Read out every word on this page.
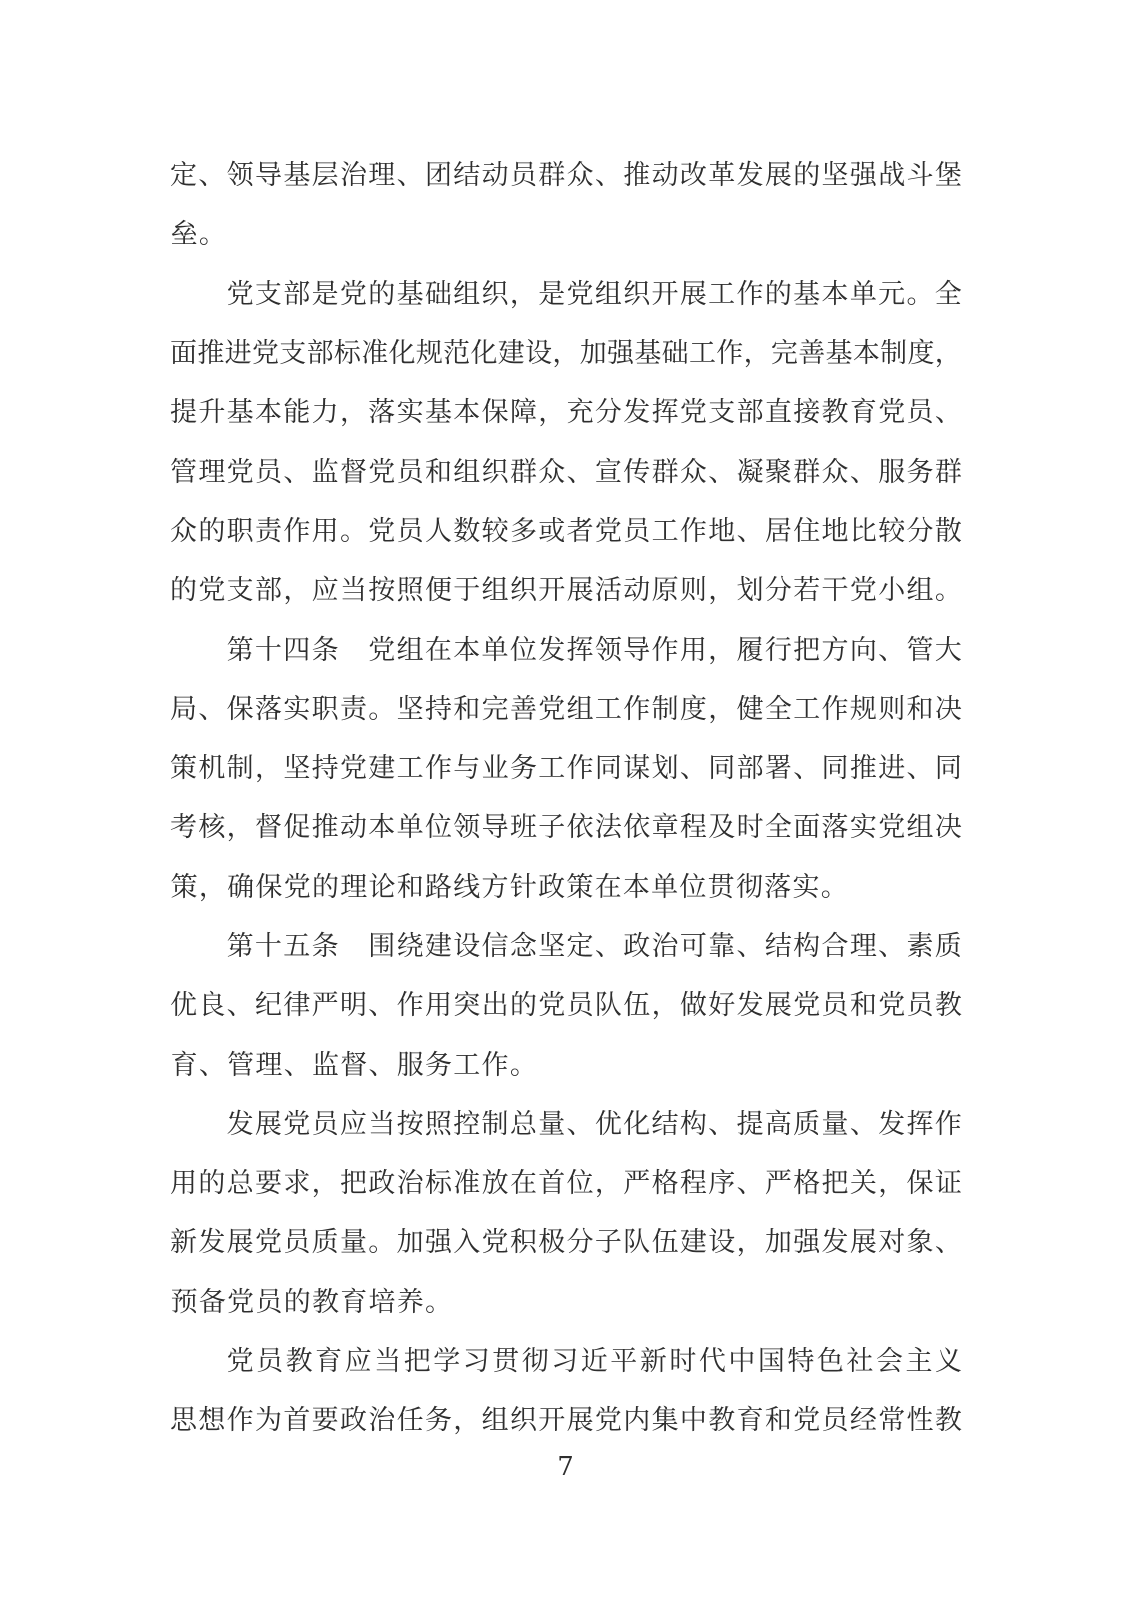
定 、 领 导 基 层 治 理 、 团 结 动 员 群 众 、 推 动 改 革 发 展 的 坚 强 战 斗 堡
垒 。
党 支 部 是 党 的 基 础 组 织 ， 是 党 组 织 开 展 工 作 的 基 本 单 元 。 全
面 推 进 党 支 部 标 准 化 规 范 化 建 设 ， 加 强 基 础 工 作 ， 完 善 基 本 制 度 ，
提 升 基 本 能 力 ， 落 实 基 本 保 障 ， 充 分 发 挥 党 支 部 直 接 教 育 党 员 、
管 理 党 员 、 监 督 党 员 和 组 织 群 众 、 宣 传 群 众 、 凝 聚 群 众 、 服 务 群
众 的 职 责 作 用 。 党 员 人 数 较 多 或 者 党 员 工 作 地 、 居 住 地 比 较 分 散
的 党 支 部 ， 应 当 按 照 便 于 组 织 开 展 活 动 原 则 ， 划 分 若 干 党 小 组 。
第 十 四 条
　 党 组 在 本 单 位 发 挥 领 导 作 用 ， 履 行 把 方 向 、 管 大
局 、 保 落 实 职 责 。 坚 持 和 完 善 党 组 工 作 制 度 ， 健 全 工 作 规 则 和 决
策 机 制 ， 坚 持 党 建 工 作 与 业 务 工 作 同 谋 划 、 同 部 署 、 同 推 进 、 同
考 核 ， 督 促 推 动 本 单 位 领 导 班 子 依 法 依 章 程 及 时 全 面 落 实 党 组 决
策 ， 确 保 党 的 理 论 和 路 线 方 针 政 策 在 本 单 位 贯 彻 落 实 。
第 十 五 条
　 围 绕 建 设 信 念 坚 定 、 政 治 可 靠 、 结 构 合 理 、 素 质
优 良 、 纪 律 严 明 、 作 用 突 出 的 党 员 队 伍 ， 做 好 发 展 党 员 和 党 员 教
育 、 管 理 、 监 督 、 服 务 工 作 。
发 展 党 员 应 当 按 照 控 制 总 量 、 优 化 结 构 、 提 高 质 量 、 发 挥 作
用 的 总 要 求 ， 把 政 治 标 准 放 在 首 位 ， 严 格 程 序 、 严 格 把 关 ， 保 证
新 发 展 党 员 质 量 。 加 强 入 党 积 极 分 子 队 伍 建 设 ， 加 强 发 展 对 象 、
预 备 党 员 的 教 育 培 养 。
党 员 教 育 应 当 把 学 习 贯 彻 习 近 平 新 时 代 中 国 特 色 社 会 主 义
思 想 作 为 首 要 政 治 任 务 ， 组 织 开 展 党 内 集 中 教 育 和 党 员 经 常 性 教
7
